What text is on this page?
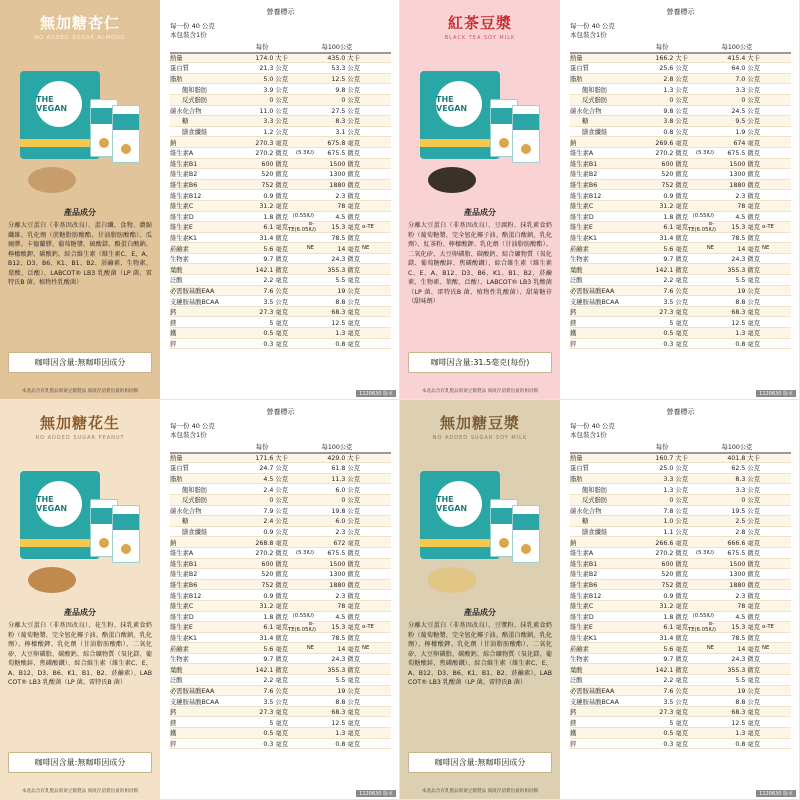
無加糖杏仁
NO ADDED SUGAR ALMOND
THE VEGAN
產品成分
分離大豆蛋白（非基因改良）、蛋白纖、食物、濃縮纖維、乳化劑（蔗糖脂肪酸酯、甘油脂肪酸酯）、瓜爾膠、卡德蘭膠、葡萄糖漿、硫酸鎂、酪蛋白酸鈉、檸檬酸鉀、碳酸鈣、綜合維生素（維生素C、E、A、B12、D3、B6、K1、B1、B2、菸鹼素、生物素、葉酸、泛酸）、LABCOT® LB3 乳酸菌（LP 菌、雷特氏B 菌、植物性乳酸菌）
咖啡因含量:無咖啡因成分
本產品含有乳製品與黃豆類製品 與既存消費份量的相同類
營養標示
每一份 40 公克
本包裝含1份
每份	每100公克
熱量	174.0 大卡	435.0 大卡
蛋白質	21.3 公克	53.3 公克
脂肪	5.0 公克	12.5 公克
飽和脂肪	3.9 公克	9.8 公克
反式脂肪	0 公克	0 公克
碳水化合物	11.0 公克	27.5 公克
糖	3.3 公克	8.3 公克
膳食纖維	1.2 公克	3.1 公克
鈉	270.3 毫克	675.8 毫克
維生素A	270.2 微克	(5.3IU)	675.5 微克
維生素B1	600 微克	1500 微克
維生素B2	520 微克	1300 微克
維生素B6	752 微克	1880 微克
維生素B12	0.9 微克	2.3 微克
維生素C	31.2 毫克	78 毫克
維生素D	1.8 微克 (0.55IU)	4.5 微克
維生素E	6.1 毫克
α-TE(6.05IU)	15.3 毫克 α-TE
維生素K1	31.4 微克	78.5 微克
菸鹼素	5.6 毫克	NE	14 毫克 NE
生物素	9.7 微克	24.3 微克
葉酸	142.1 微克	355.3 微克
泛酸	2.2 毫克	5.5 毫克
必需胺基酸EAA	7.6 公克	19 公克
支鏈胺基酸BCAA	3.5 公克	8.8 公克
鈣	27.3 毫克	68.3 毫克
鎂	5 毫克	12.5 毫克
鐵	0.5 毫克	1.3 毫克
鋅	0.3 毫克	0.8 毫克
1120630 版本
紅茶豆漿
BLACK TEA SOY MILK
THE VEGAN
產品成分
分離大豆蛋白（非基因改良）、豆腐粉、抹乳素食奶粉（葡萄糖漿、完全氫化椰子油、酪蛋白酸鈉、乳化劑）、紅茶粉、檸檬酸鉀、乳化劑（甘油脂肪酸酯）、二氧化矽、大豆卵磷脂、碳酸鈣、綜合礦物質（氧化鎂、葡萄糖酸鋅、焦磷酸鐵）、綜合維生素（維生素C、E、A、B12、D3、B6、K1、B1、B2、菸鹼素、生物素、葉酸、泛酸）、LABCOT® LB3 乳酸菌（LP 菌、雷特氏B 菌、植物性乳酸菌）、甜菊糖苷（甜味劑）
咖啡因含量:31.5毫克(每份)
本產品含有乳製品與黃豆類製品 與既存消費份量的相同類
營養標示
每一份 40 公克
本包裝含1份
每份	每100公克
熱量	166.2 大卡	415.4 大卡
蛋白質	25.6 公克	64.0 公克
脂肪	2.8 公克	7.0 公克
飽和脂肪	1.3 公克	3.3 公克
反式脂肪	0 公克	0 公克
碳水化合物	9.8 公克	24.5 公克
糖	3.8 公克	9.5 公克
膳食纖維	0.8 公克	1.9 公克
鈉	269.6 毫克	674 毫克
維生素A	270.2 微克	(5.3IU)	675.5 微克
維生素B1	600 微克	1500 微克
維生素B2	520 微克	1300 微克
維生素B6	752 微克	1880 微克
維生素B12	0.9 微克	2.3 微克
維生素C	31.2 毫克	78 毫克
維生素D	1.8 微克 (0.55IU)	4.5 微克
維生素E	6.1 毫克
α-TE(6.05IU)	15.3 毫克 α-TE
維生素K1	31.4 微克	78.5 微克
菸鹼素	5.6 毫克	NE	14 毫克 NE
生物素	9.7 微克	24.3 微克
葉酸	142.1 微克	355.3 微克
泛酸	2.2 毫克	5.5 毫克
必需胺基酸EAA	7.6 公克	19 公克
支鏈胺基酸BCAA	3.5 公克	8.8 公克
鈣	27.3 毫克	68.3 毫克
鎂	5 毫克	12.5 毫克
鐵	0.5 毫克	1.3 毫克
鋅	0.3 毫克	0.8 毫克
1120630 版本
無加糖花生
NO ADDED SUGAR PEANUT
THE VEGAN
產品成分
分離大豆蛋白（非基因改良）、花生粉、抹乳素食奶粉（葡萄糖漿、完全氫化椰子油、酪蛋白酸鈉、乳化劑）、檸檬酸鉀、乳化劑（甘油脂肪酸酯）、二氧化矽、大豆卵磷脂、碳酸鈣、綜合礦物質（氧化鎂、葡萄糖酸鋅、焦磷酸鐵）、綜合維生素（維生素C、E、A、B12、D3、B6、K1、B1、B2、菸鹼素）、LABCOT® LB3 乳酸菌（LP 菌、雷特氏B 菌）
咖啡因含量:無咖啡因成分
本產品含有乳製品與黃豆類製品 與既存消費份量的相同類
營養標示
每一份 40 公克
本包裝含1份
每份	每100公克
熱量	171.6 大卡	429.0 大卡
蛋白質	24.7 公克	61.8 公克
脂肪	4.5 公克	11.3 公克
飽和脂肪	2.4 公克	6.0 公克
反式脂肪	0 公克	0 公克
碳水化合物	7.9 公克	19.8 公克
糖	2.4 公克	6.0 公克
膳食纖維	0.9 公克	2.3 公克
鈉	268.8 毫克	672 毫克
維生素A	270.2 微克	(5.3IU)	675.5 微克
維生素B1	600 微克	1500 微克
維生素B2	520 微克	1300 微克
維生素B6	752 微克	1880 微克
維生素B12	0.9 微克	2.3 微克
維生素C	31.2 毫克	78 毫克
維生素D	1.8 微克 (0.55IU)	4.5 微克
維生素E	6.1 毫克
α-TE(6.05IU)	15.3 毫克 α-TE
維生素K1	31.4 微克	78.5 微克
菸鹼素	5.6 毫克	NE	14 毫克 NE
生物素	9.7 微克	24.3 微克
葉酸	142.1 微克	355.3 微克
泛酸	2.2 毫克	5.5 毫克
必需胺基酸EAA	7.6 公克	19 公克
支鏈胺基酸BCAA	3.5 公克	8.8 公克
鈣	27.3 毫克	68.3 毫克
鎂	5 毫克	12.5 毫克
鐵	0.5 毫克	1.3 毫克
鋅	0.3 毫克	0.8 毫克
1120630 版本
無加糖豆漿
NO ADDED SUGAR SOY MILK
THE VEGAN
產品成分
分離大豆蛋白（非基因改良）、豆漿粉、抹乳素食奶粉（葡萄糖漿、完全氫化椰子油、酪蛋白酸鈉、乳化劑）、檸檬酸鉀、乳化劑（甘油脂肪酸酯）、二氧化矽、大豆卵磷脂、碳酸鈣、綜合礦物質（氧化鎂、葡萄糖酸鋅、焦磷酸鐵）、綜合維生素（維生素C、E、A、B12、D3、B6、K1、B1、B2、菸鹼素）、LABCOT® LB3 乳酸菌（LP 菌、雷特氏B 菌）
咖啡因含量:無咖啡因成分
本產品含有乳製品與黃豆類製品 與既存消費份量的相同類
營養標示
每一份 40 公克
本包裝含1份
每份	每100公克
熱量	160.7 大卡	401.8 大卡
蛋白質	25.0 公克	62.5 公克
脂肪	3.3 公克	8.3 公克
飽和脂肪	1.3 公克	3.3 公克
反式脂肪	0 公克	0 公克
碳水化合物	7.8 公克	19.5 公克
糖	1.0 公克	2.5 公克
膳食纖維	1.1 公克	2.8 公克
鈉	266.6 毫克	666.6 毫克
維生素A	270.2 微克	(5.3IU)	675.5 微克
維生素B1	600 微克	1500 微克
維生素B2	520 微克	1300 微克
維生素B6	752 微克	1880 微克
維生素B12	0.9 微克	2.3 微克
維生素C	31.2 毫克	78 毫克
維生素D	1.8 微克 (0.55IU)	4.5 微克
維生素E	6.1 毫克
α-TE(6.05IU)	15.3 毫克 α-TE
維生素K1	31.4 微克	78.5 微克
菸鹼素	5.6 毫克	NE	14 毫克 NE
生物素	9.7 微克	24.3 微克
葉酸	142.1 微克	355.3 微克
泛酸	2.2 毫克	5.5 毫克
必需胺基酸EAA	7.6 公克	19 公克
支鏈胺基酸BCAA	3.5 公克	8.8 公克
鈣	27.3 毫克	68.3 毫克
鎂	5 毫克	12.5 毫克
鐵	0.5 毫克	1.3 毫克
鋅	0.3 毫克	0.8 毫克
1120630 版本
